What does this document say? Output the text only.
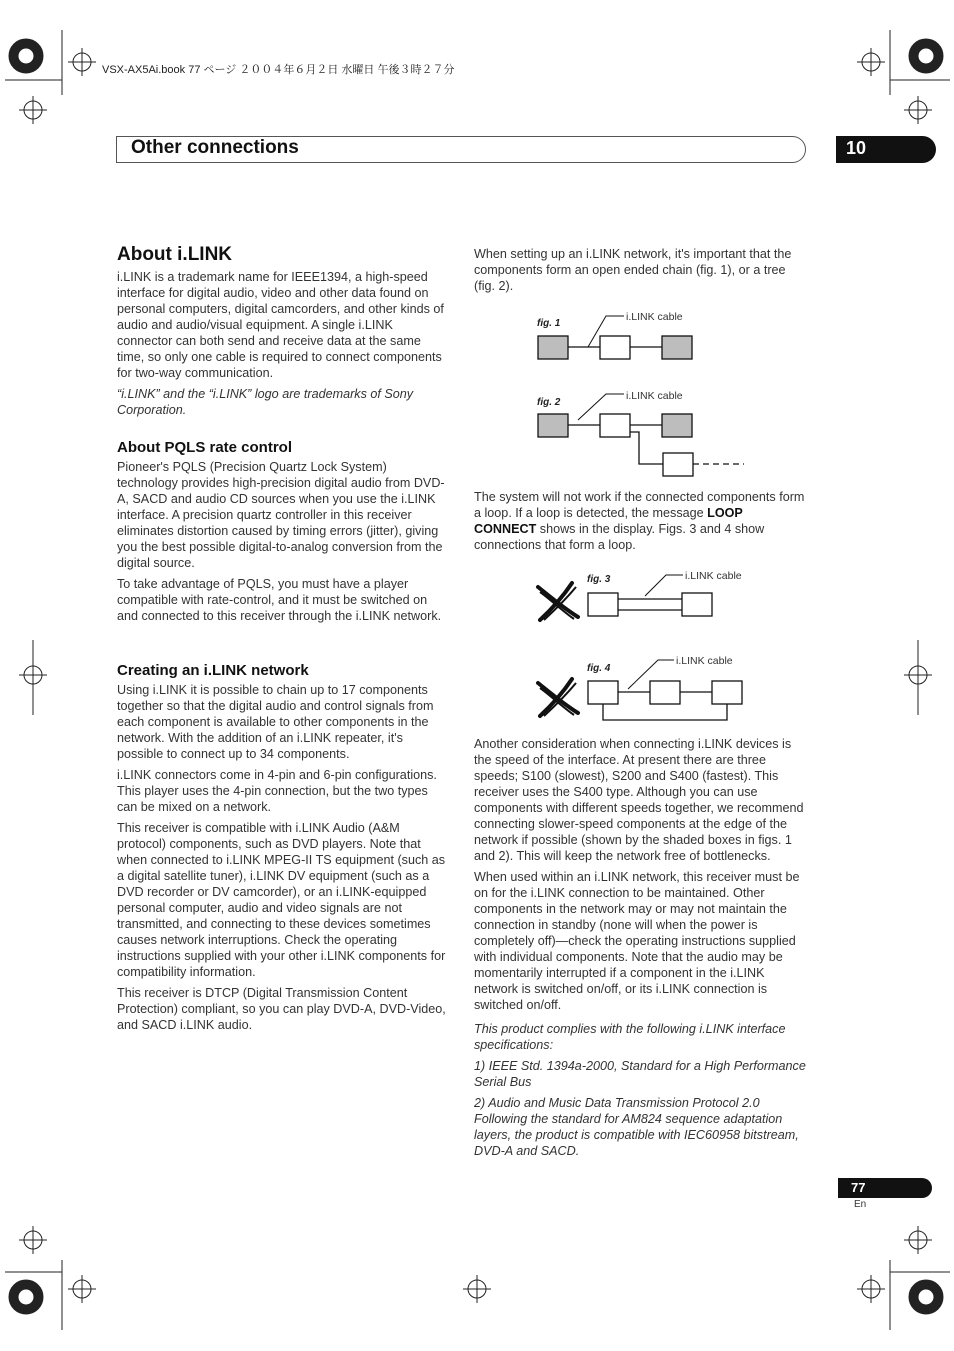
VSX-AX5Ai.book 77 ページ ２００４年６月２日 水曜日 午後３時２７分
Other connections	10
About i.LINK

i.LINK is a trademark name for IEEE1394, a high-speed interface for digital audio, video and other data found on personal computers, digital camcorders, and other kinds of audio and audio/visual equipment. A single i.LINK connector can both send and receive data at the same time, so only one cable is required to connect components for two-way communication.

“i.LINK” and the “i.LINK” logo are trademarks of Sony Corporation.

About PQLS rate control

Pioneer's PQLS (Precision Quartz Lock System) technology provides high-precision digital audio from DVD-A, SACD and audio CD sources when you use the i.LINK interface. A precision quartz controller in this receiver eliminates distortion caused by timing errors (jitter), giving you the best possible digital-to-analog conversion from the digital source.

To take advantage of PQLS, you must have a player compatible with rate-control, and it must be switched on and connected to this receiver through the i.LINK network.

Creating an i.LINK network

Using i.LINK it is possible to chain up to 17 components together so that the digital audio and control signals from each component is available to other components in the network. With the addition of an i.LINK repeater, it's possible to connect up to 34 components.

i.LINK connectors come in 4-pin and 6-pin configurations. This player uses the 4-pin connection, but the two types can be mixed on a network.

This receiver is compatible with i.LINK Audio (A&M protocol) components, such as DVD players. Note that when connected to i.LINK MPEG-II TS equipment (such as a digital satellite tuner), i.LINK DV equipment (such as a DVD recorder or DV camcorder), or an i.LINK-equipped personal computer, audio and video signals are not transmitted, and connecting to these devices sometimes causes network interruptions. Check the operating instructions supplied with your other i.LINK components for compatibility information.

This receiver is DTCP (Digital Transmission Content Protection) compliant, so you can play DVD-A, DVD-Video, and SACD i.LINK audio.

When setting up an i.LINK network, it's important that the components form an open ended chain (fig. 1), or a tree (fig. 2).

fig. 1
i.LINK cable
fig. 2
i.LINK cable

The system will not work if the connected components form a loop. If a loop is detected, the message LOOP CONNECT shows in the display. Figs. 3 and 4 show connections that form a loop.

fig. 3	i.LINK cable
fig. 4
i.LINK cable

Another consideration when connecting i.LINK devices is the speed of the interface. At present there are three speeds; S100 (slowest), S200 and S400 (fastest). This receiver uses the S400 type. Although you can use components with different speeds together, we recommend connecting slower-speed components at the edge of the network if possible (shown by the shaded boxes in figs. 1 and 2). This will keep the network free of bottlenecks.

When used within an i.LINK network, this receiver must be on for the i.LINK connection to be maintained. Other components in the network may or may not maintain the connection in standby (none will when the power is completely off)—check the operating instructions supplied with individual components. Note that the audio may be momentarily interrupted if a component in the i.LINK network is switched on/off, or its i.LINK connection is switched on/off.

This product complies with the following i.LINK interface specifications:

1) IEEE Std. 1394a-2000, Standard for a High Performance Serial Bus

2) Audio and Music Data Transmission Protocol 2.0 Following the standard for AM824 sequence adaptation layers, the product is compatible with IEC60958 bitstream, DVD-A and SACD.

77
En
